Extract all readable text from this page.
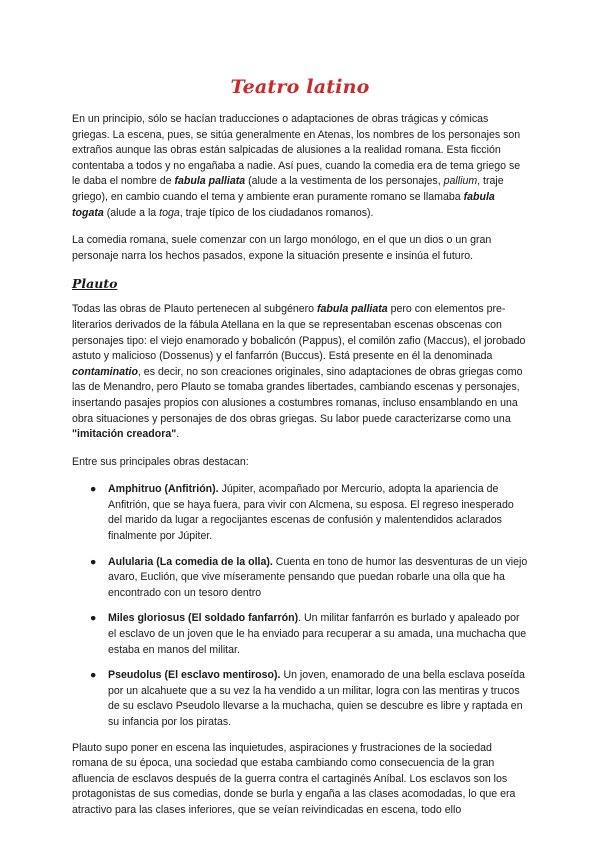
Teatro latino

En un principio, sólo se hacían traducciones o adaptaciones de obras trágicas y cómicas griegas. La escena, pues, se sitúa generalmente en Atenas, los nombres de los personajes son extraños aunque las obras están salpicadas de alusiones a la realidad romana. Esta ficción contentaba a todos y no engañaba a nadie. Así pues, cuando la comedia era de tema griego se le daba el nombre de fabula palliata (alude a la vestimenta de los personajes, pallium, traje griego), en cambio cuando el tema y ambiente eran puramente romano se llamaba fabula togata (alude a la toga, traje típico de los ciudadanos romanos).

La comedia romana, suele comenzar con un largo monólogo, en el que un dios o un gran personaje narra los hechos pasados, expone la situación presente e insinúa el futuro.

Plauto

Todas las obras de Plauto pertenecen al subgénero fabula palliata pero con elementos pre-literarios derivados de la fábula Atellana en la que se representaban escenas obscenas con personajes tipo: el viejo enamorado y bobalicón (Pappus), el comilón zafio (Maccus), el jorobado astuto y malicioso (Dossenus) y el fanfarrón (Buccus). Está presente en él la denominada contaminatio, es decir, no son creaciones originales, sino adaptaciones de obras griegas como las de Menandro, pero Plauto se tomaba grandes libertades, cambiando escenas y personajes, insertando pasajes propios con alusiones a costumbres romanas, incluso ensamblando en una obra situaciones y personajes de dos obras griegas. Su labor puede caracterizarse como una "imitación creadora".

Entre sus principales obras destacan:

● Amphitruo (Anfitrión). Júpiter, acompañado por Mercurio, adopta la apariencia de Anfitrión, que se haya fuera, para vivir con Alcmena, su esposa. El regreso inesperado del marido da lugar a regocijantes escenas de confusión y malentendidos aclarados finalmente por Júpiter.
● Aulularia (La comedia de la olla). Cuenta en tono de humor las desventuras de un viejo avaro, Euclión, que vive míseramente pensando que puedan robarle una olla que ha encontrado con un tesoro dentro
● Miles gloriosus (El soldado fanfarrón). Un militar fanfarrón es burlado y apaleado por el esclavo de un joven que le ha enviado para recuperar a su amada, una muchacha que estaba en manos del militar.
● Pseudolus (El esclavo mentiroso). Un joven, enamorado de una bella esclava poseída por un alcahuete que a su vez la ha vendido a un militar, logra con las mentiras y trucos de su esclavo Pseudolo llevarse a la muchacha, quien se descubre es libre y raptada en su infancia por los piratas.

Plauto supo poner en escena las inquietudes, aspiraciones y frustraciones de la sociedad romana de su época, una sociedad que estaba cambiando como consecuencia de la gran afluencia de esclavos después de la guerra contra el cartaginés Aníbal. Los esclavos son los protagonistas de sus comedias, donde se burla y engaña a las clases acomodadas, lo que era atractivo para las clases inferiores, que se veían reivindicadas en escena, todo ello
